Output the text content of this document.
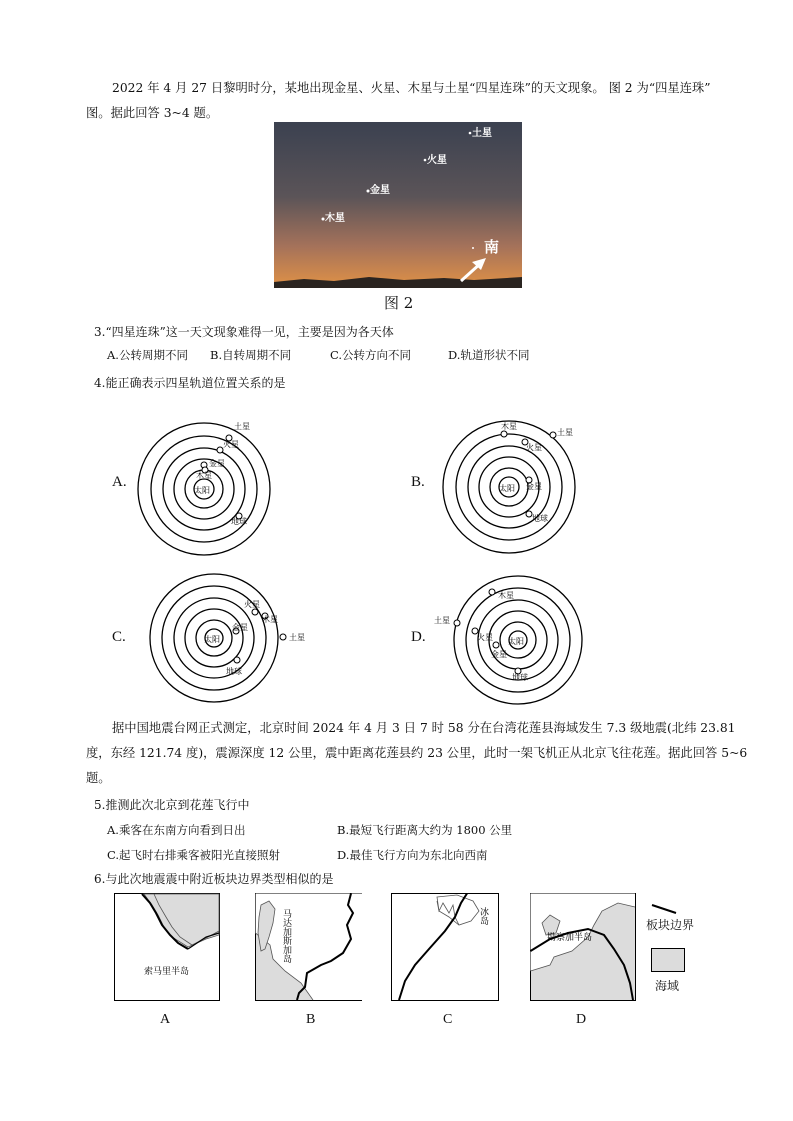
2022 年 4 月 27 日黎明时分，某地出现金星、火星、木星与土星“四星连珠”的天文现象。 图 2 为“四星连珠”
图。据此回答 3~4 题。
土星
火星
金星
木星
南
图 2
3.“四星连珠”这一天文现象难得一见，主要是因为各天体
A.公转周期不同 B.自转周期不同	C.公转方向不同	D.轨道形状不同
4.能正确表示四星轨道位置关系的是
A.
太阳
土星
火星
金星
木星
地球
B.	太阳
土星
火星
木星
金星
地球
C.	太阳	土星
火星
木星
金星
地球
D.	太阳
土星
木星
火星
金星
地球
据中国地震台网正式测定，北京时间 2024 年 4 月 3 日 7 时 58 分在台湾花莲县海域发生 7.3 级地震(北纬 23.81
度，东经 121.74 度)，震源深度 12 公里，震中距离花莲县约 23 公里，此时一架飞机正从北京飞往花莲。据此回答 5~6
题。
5.推测此次北京到花莲飞行中
A.乘客在东南方向看到日出	B.最短飞行距离大约为 1800 公里
C.起飞时右排乘客被阳光直接照射	D.最佳飞行方向为东北向西南
6.与此次地震震中附近板块边界类型相似的是
索马里半岛
A
马达加斯加岛
B
冰岛
C
勘察加半岛
D
板块边界
海域
